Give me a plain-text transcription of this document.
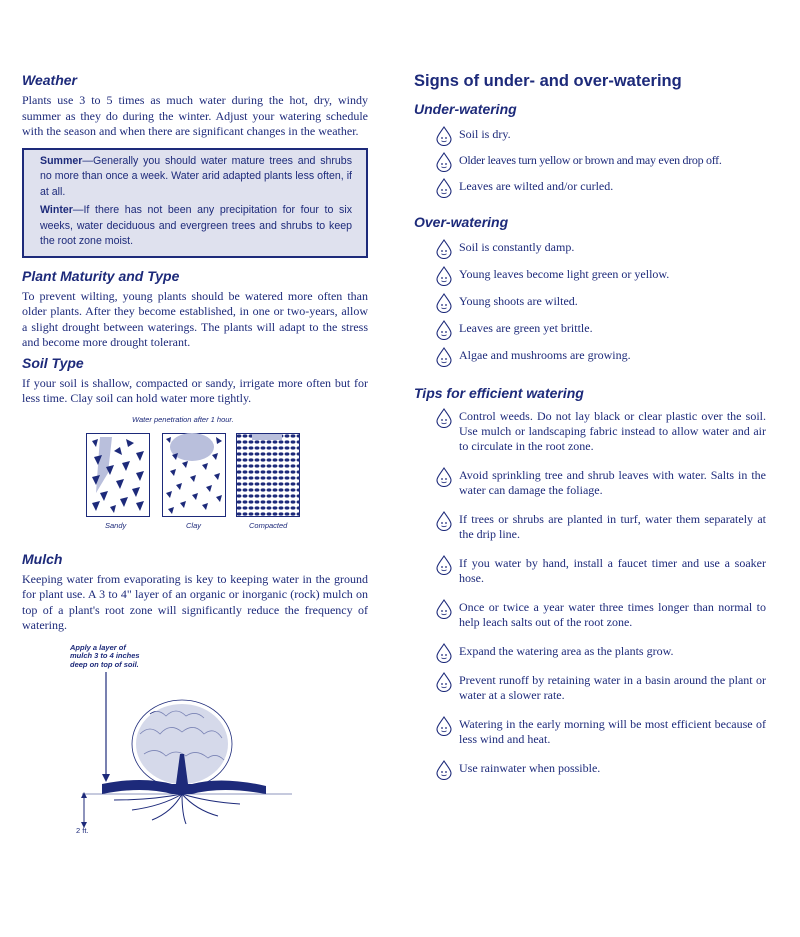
Weather

Plants use 3 to 5 times as much water during the hot, dry, windy summer as they do during the winter. Adjust your watering schedule with the season and when there are significant changes in the weather.

Summer—Generally you should water mature trees and shrubs no more than once a week. Water arid adapted plants less often, if at all.

Winter—If there has not been any precipitation for four to six weeks, water deciduous and evergreen trees and shrubs to keep the root zone moist.

Plant Maturity and Type

To prevent wilting, young plants should be watered more often than older plants. After they become established, in one or two-years, allow a slight drought between waterings. The plants will adapt to the stress and become more drought tolerant.

Soil Type

If your soil is shallow, compacted or sandy, irrigate more often but for less time. Clay soil can hold water more tightly.

Water penetration after 1 hour.
Sandy	Clay	Compacted
Mulch

Keeping water from evaporating is key to keeping water in the ground for plant use. A 3 to 4" layer of an organic or inorganic (rock) mulch on top of a plant's root zone will significantly reduce the frequency of watering.

Apply a layer of
mulch 3 to 4 inches
deep on top of soil.
2 ft.
Signs of under- and over-watering
Under-watering
Soil is dry.
Older leaves turn yellow or brown and may even drop off.
Leaves are wilted and/or curled.
Over-watering
Soil is constantly damp.
Young leaves become light green or yellow.
Young shoots are wilted.
Leaves are green yet brittle.
Algae and mushrooms are growing.
Tips for efficient watering
Control weeds. Do not lay black or clear plastic over the soil. Use mulch or landscaping fabric instead to allow water and air to circulate in the root zone.
Avoid sprinkling tree and shrub leaves with water. Salts in the water can damage the foliage.
If trees or shrubs are planted in turf, water them separately at the drip line.
If you water by hand, install a faucet timer and use a soaker hose.
Once or twice a year water three times longer than normal to help leach salts out of the root zone.
Expand the watering area as the plants grow.
Prevent runoff by retaining water in a basin around the plant or water at a slower rate.
Watering in the early morning will be most efficient because of less wind and heat.
Use rainwater when possible.
